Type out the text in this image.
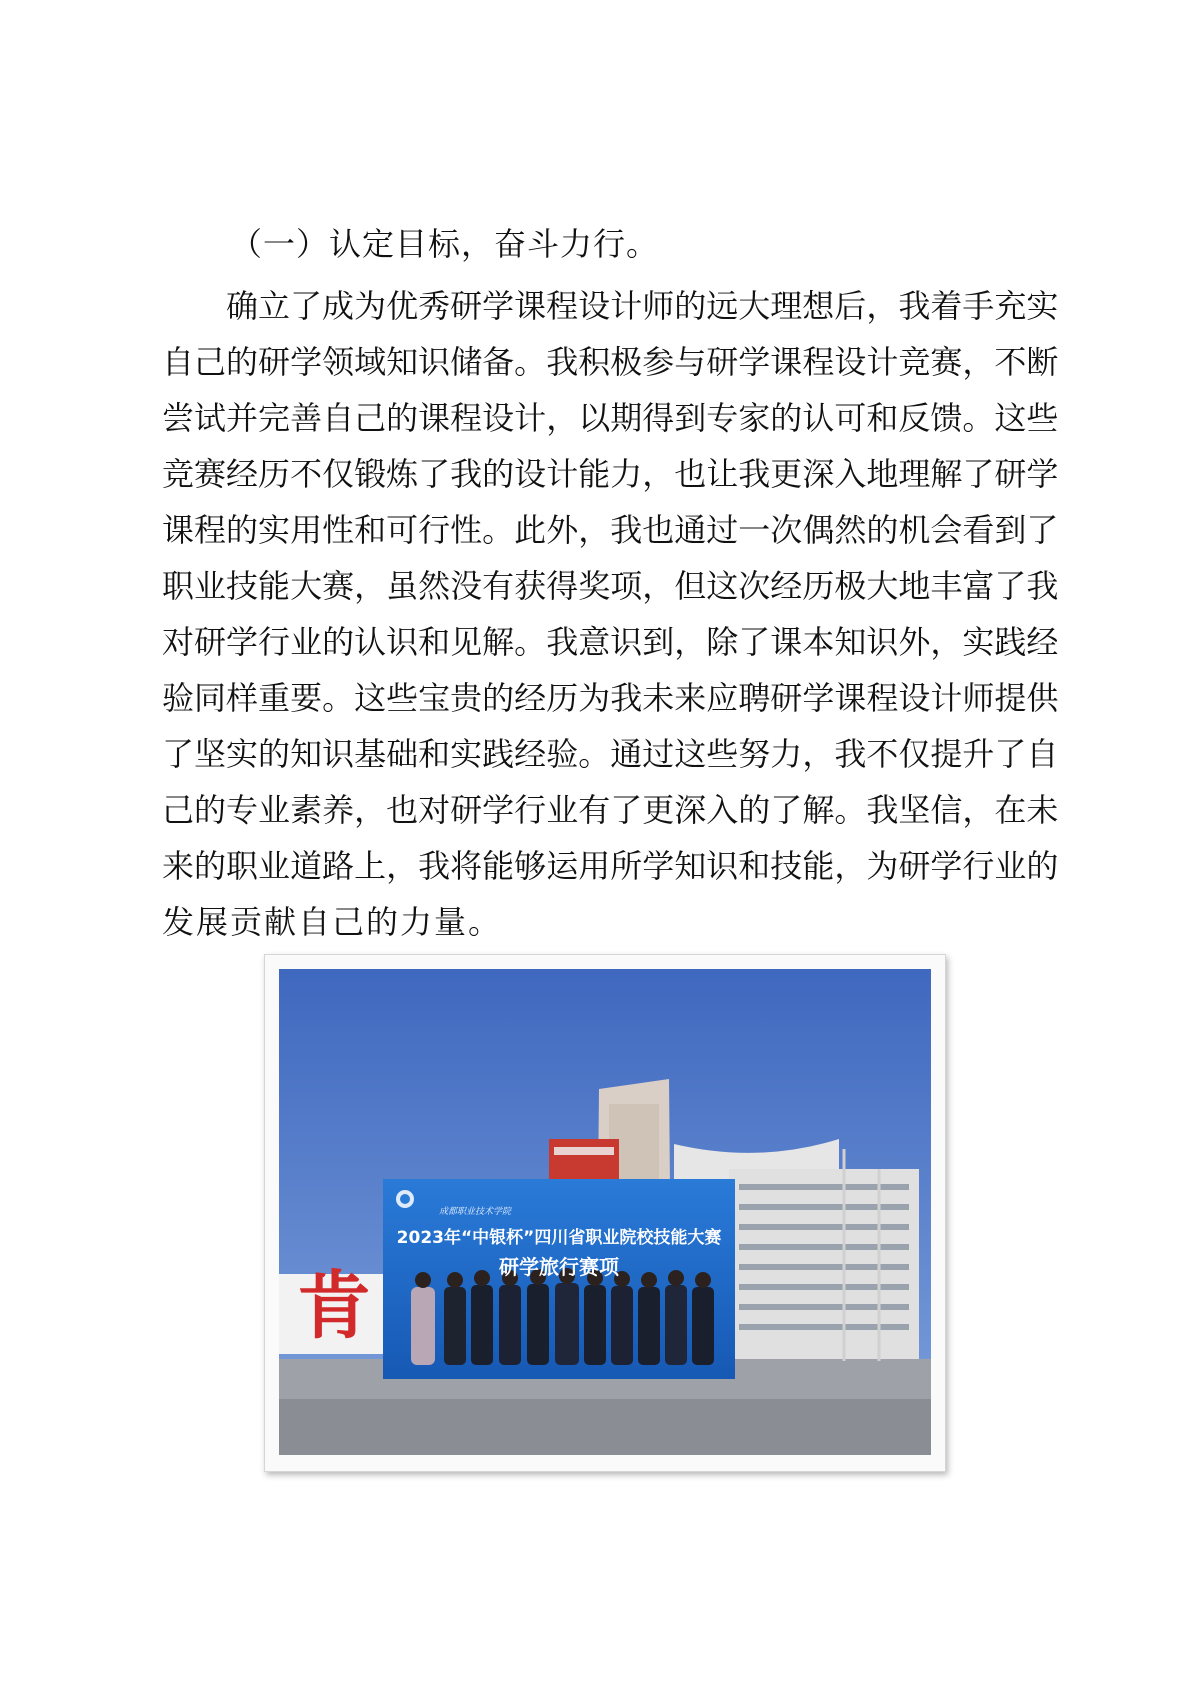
（一）认定目标，奋斗力行。
确 立 了 成 为 优 秀 研 学 课 程 设 计 师 的 远 大 理 想 后 ， 我 着 手 充 实
自 己 的 研 学 领 域 知 识 储 备 。 我 积 极 参 与 研 学 课 程 设 计 竞 赛 ， 不 断
尝 试 并 完 善 自 己 的 课 程 设 计 ， 以 期 得 到 专 家 的 认 可 和 反 馈 。 这 些
竞 赛 经 历 不 仅 锻 炼 了 我 的 设 计 能 力 ， 也 让 我 更 深 入 地 理 解 了 研 学
课 程 的 实 用 性 和 可 行 性 。 此 外 ， 我 也 通 过 一 次 偶 然 的 机 会 看 到 了
职 业 技 能 大 赛 ， 虽 然 没 有 获 得 奖 项 ， 但 这 次 经 历 极 大 地 丰 富 了 我
对 研 学 行 业 的 认 识 和 见 解 。 我 意 识 到 ， 除 了 课 本 知 识 外 ， 实 践 经
验 同 样 重 要 。 这 些 宝 贵 的 经 历 为 我 未 来 应 聘 研 学 课 程 设 计 师 提 供
了 坚 实 的 知 识 基 础 和 实 践 经 验 。 通 过 这 些 努 力 ， 我 不 仅 提 升 了 自
己 的 专 业 素 养 ， 也 对 研 学 行 业 有 了 更 深 入 的 了 解 。 我 坚 信 ， 在 未
来 的 职 业 道 路 上 ， 我 将 能 够 运 用 所 学 知 识 和 技 能 ， 为 研 学 行 业 的
发展贡献自己的力量。
肯
成都职业技术学院
2023年“中银杯”四川省职业院校技能大赛
研学旅行赛项
